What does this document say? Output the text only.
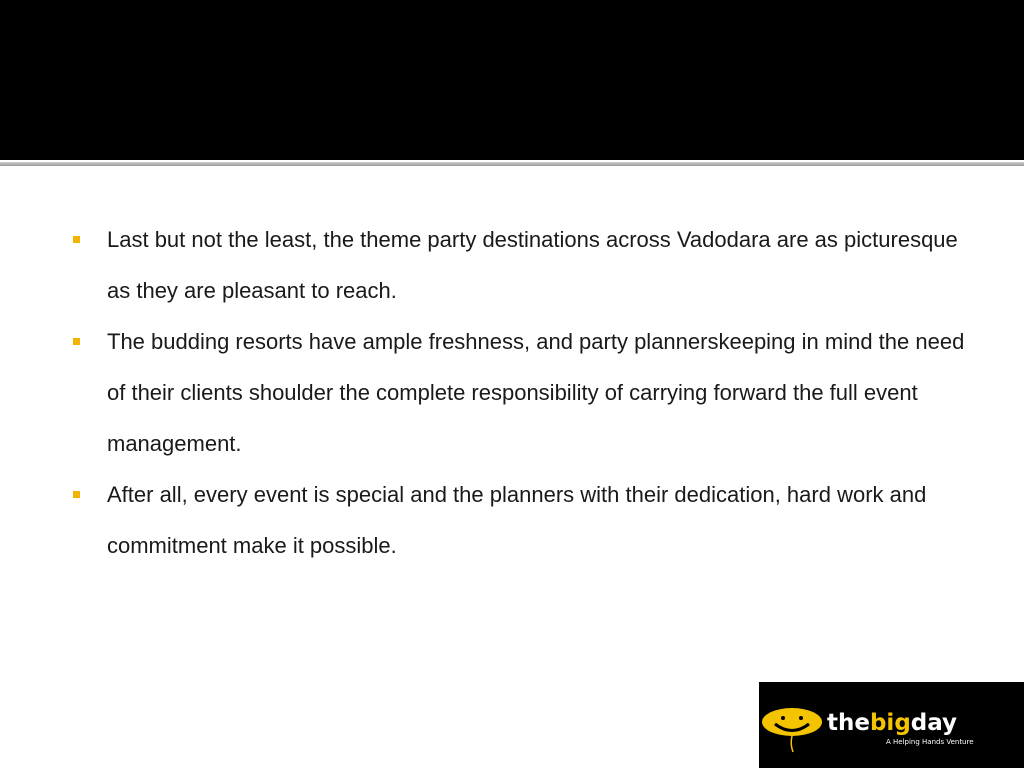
Last but not the least, the theme party destinations across Vadodara are as picturesque as they are pleasant to reach.
The budding resorts have ample freshness, and party plannerskeeping in mind the need of their clients shoulder the complete responsibility of carrying forward the full event management.
After all, every event is special and the planners with their dedication, hard work and commitment make it possible.
thebigday
A Helping Hands Venture
